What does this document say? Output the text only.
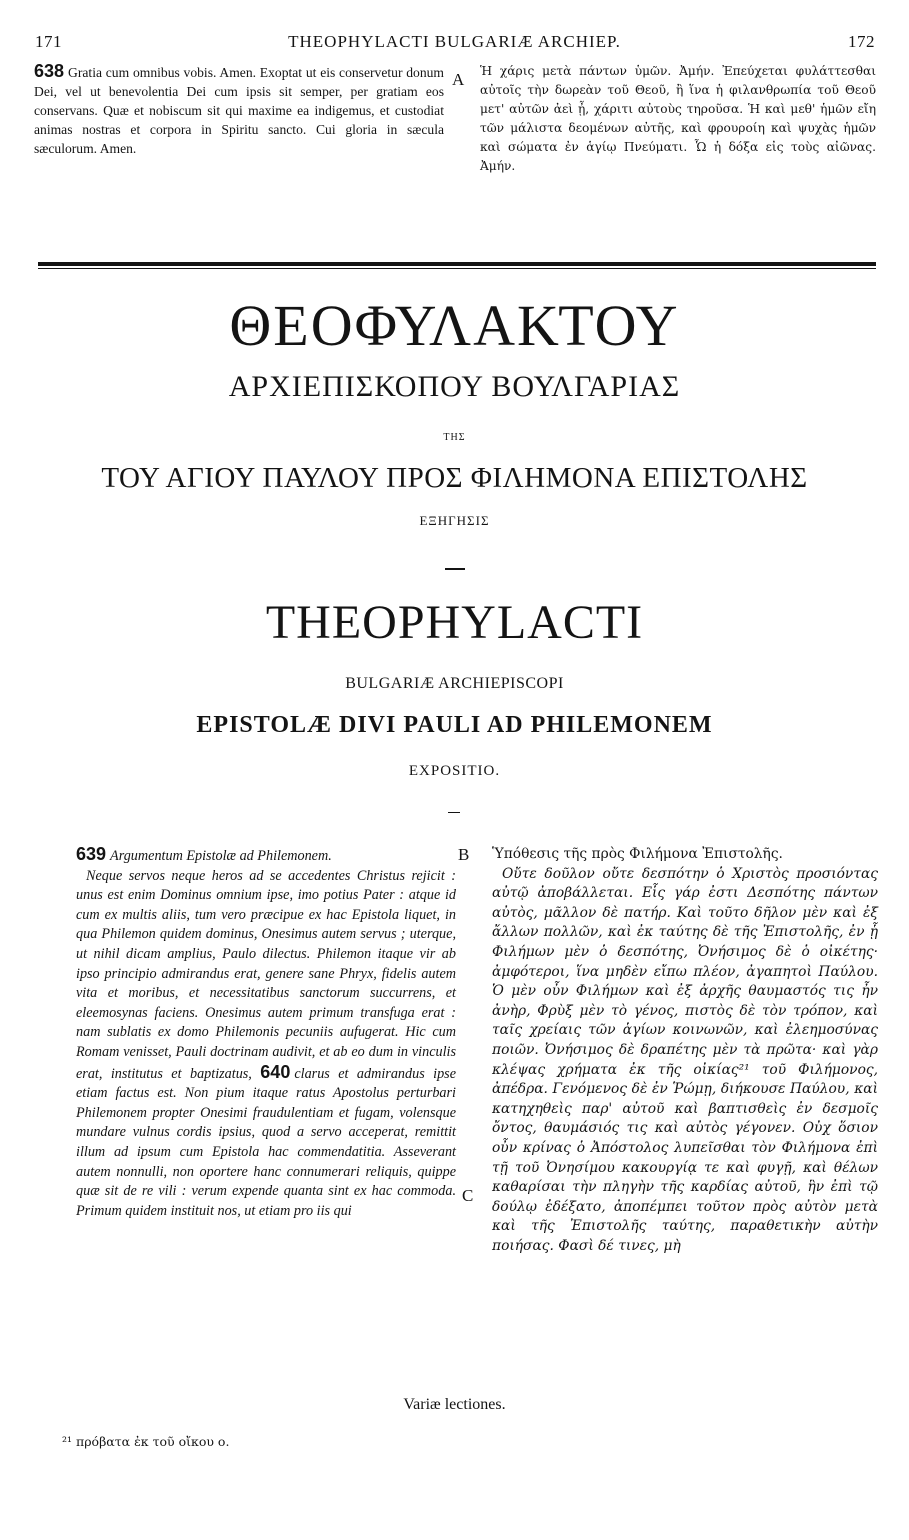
171	THEOPHYLACTI BULGARIÆ ARCHIEP.	172
638 Gratia cum omnibus vobis. Amen. Exoptat ut eis conservetur donum Dei, vel ut benevolentia Dei cum ipsis sit semper, per gratiam eos conservans. Quæ et nobiscum sit qui maxime ea indigemus, et custodiat animas nostras et corpora in Spiritu sancto. Cui gloria in sæcula sæculorum. Amen.
A Ἡ χάρις μετὰ πάντων ὑμῶν. Ἀμήν. Ἐπεύχεται φυλάττεσθαι αὐτοῖς τὴν δωρεὰν τοῦ Θεοῦ, ἢ ἵνα ἡ φιλανθρωπία τοῦ Θεοῦ μετ' αὐτῶν ἀεὶ ᾖ, χάριτι αὐτοὺς τηροῦσα. Ἡ καὶ μεθ' ἡμῶν εἴη τῶν μάλιστα δεομένων αὐτῆς, καὶ φρουροίη καὶ ψυχὰς ἡμῶν καὶ σώματα ἐν ἁγίῳ Πνεύματι. Ὧ ἡ δόξα εἰς τοὺς αἰῶνας. Ἀμήν.
ΘΕΟΦΥΛΑΚΤΟΥ
ΑΡΧΙΕΠΙΣΚΟΠΟΥ ΒΟΥΛΓΑΡΙΑΣ
ΤΗΣ
ΤΟΥ ΑΓΙΟΥ ΠΑΥΛΟΥ ΠΡΟΣ ΦΙΛΗΜΟΝΑ ΕΠΙΣΤΟΛΗΣ
ΕΞΗΓΗΣΙΣ
THEOPHYLACTI
BULGARIÆ ARCHIEPISCOPI
EPISTOLÆ DIVI PAULI AD PHILEMONEM
EXPOSITIO.
639 Argumentum Epistolæ ad Philemonem.
Neque servos neque heros ad se accedentes Christus rejicit : unus est enim Dominus omnium ipse, imo potius Pater : atque id cum ex multis aliis, tum vero præcipue ex hac Epistola liquet, in qua Philemon quidem dominus, Onesimus autem servus ; uterque, ut nihil dicam amplius, Paulo dilectus. Philemon itaque vir ab ipso principio admirandus erat, genere sane Phryx, fidelis autem vita et moribus, et necessitatibus sanctorum succurrens, et eleemosynas faciens. Onesimus autem primum transfuga erat : nam sublatis ex domo Philemonis pecuniis aufugerat. Hic cum Romam venisset, Pauli doctrinam audivit, et ab eo dum in vinculis erat, institutus et baptizatus, 640 clarus et admirandus ipse etiam factus est. Non pium itaque ratus Apostolus perturbari Philemonem propter Onesimi fraudulentiam et fugam, volensque mundare vulnus cordis ipsius, quod a servo acceperat, remittit illum ad ipsum cum Epistola hac commendatitia. Asseverant autem nonnulli, non oportere hanc connumerari reliquis, quippe quæ sit de re vili : verum expende quanta sint ex hac commoda. Primum quidem instituit nos, ut etiam pro iis qui
B
C
Ὑπόθεσις τῆς πρὸς Φιλήμονα Ἐπιστολῆς.
Οὔτε δοῦλον οὔτε δεσπότην ὁ Χριστὸς προσιόντας αὐτῷ ἀποβάλλεται. Εἷς γάρ ἐστι Δεσπότης πάντων αὐτὸς, μᾶλλον δὲ πατήρ. Καὶ τοῦτο δῆλον μὲν καὶ ἐξ ἄλλων πολλῶν, καὶ ἐκ ταύτης δὲ τῆς Ἐπιστολῆς, ἐν ᾗ Φιλήμων μὲν ὁ δεσπότης, Ὀνήσιμος δὲ ὁ οἰκέτης· ἀμφότεροι, ἵνα μηδὲν εἴπω πλέον, ἀγαπητοὶ Παύλου. Ὁ μὲν οὖν Φιλήμων καὶ ἐξ ἀρχῆς θαυμαστός τις ἦν ἀνὴρ, Φρὺξ μὲν τὸ γένος, πιστὸς δὲ τὸν τρόπον, καὶ ταῖς χρείαις τῶν ἁγίων κοινωνῶν, καὶ ἐλεημοσύνας ποιῶν. Ὀνήσιμος δὲ δραπέτης μὲν τὰ πρῶτα· καὶ γὰρ κλέψας χρήματα ἐκ τῆς οἰκίας²¹ τοῦ Φιλήμονος, ἀπέδρα. Γενόμενος δὲ ἐν Ῥώμῃ, διήκουσε Παύλου, καὶ κατηχηθεὶς παρ' αὐτοῦ καὶ βαπτισθεὶς ἐν δεσμοῖς ὄντος, θαυμάσιός τις καὶ αὐτὸς γέγονεν. Οὐχ ὅσιον οὖν κρίνας ὁ Ἀπόστολος λυπεῖσθαι τὸν Φιλήμονα ἐπὶ τῇ τοῦ Ὀνησίμου κακουργίᾳ τε καὶ φυγῇ, καὶ θέλων καθαρίσαι τὴν πληγὴν τῆς καρδίας αὐτοῦ, ἣν ἐπὶ τῷ δούλῳ ἐδέξατο, ἀποπέμπει τοῦτον πρὸς αὐτὸν μετὰ καὶ τῆς Ἐπιστολῆς ταύτης, παραθετικὴν αὐτὴν ποιήσας. Φασὶ δέ τινες, μὴ
Variæ lectiones.
²¹ πρόβατα ἐκ τοῦ οἴκου ο.
